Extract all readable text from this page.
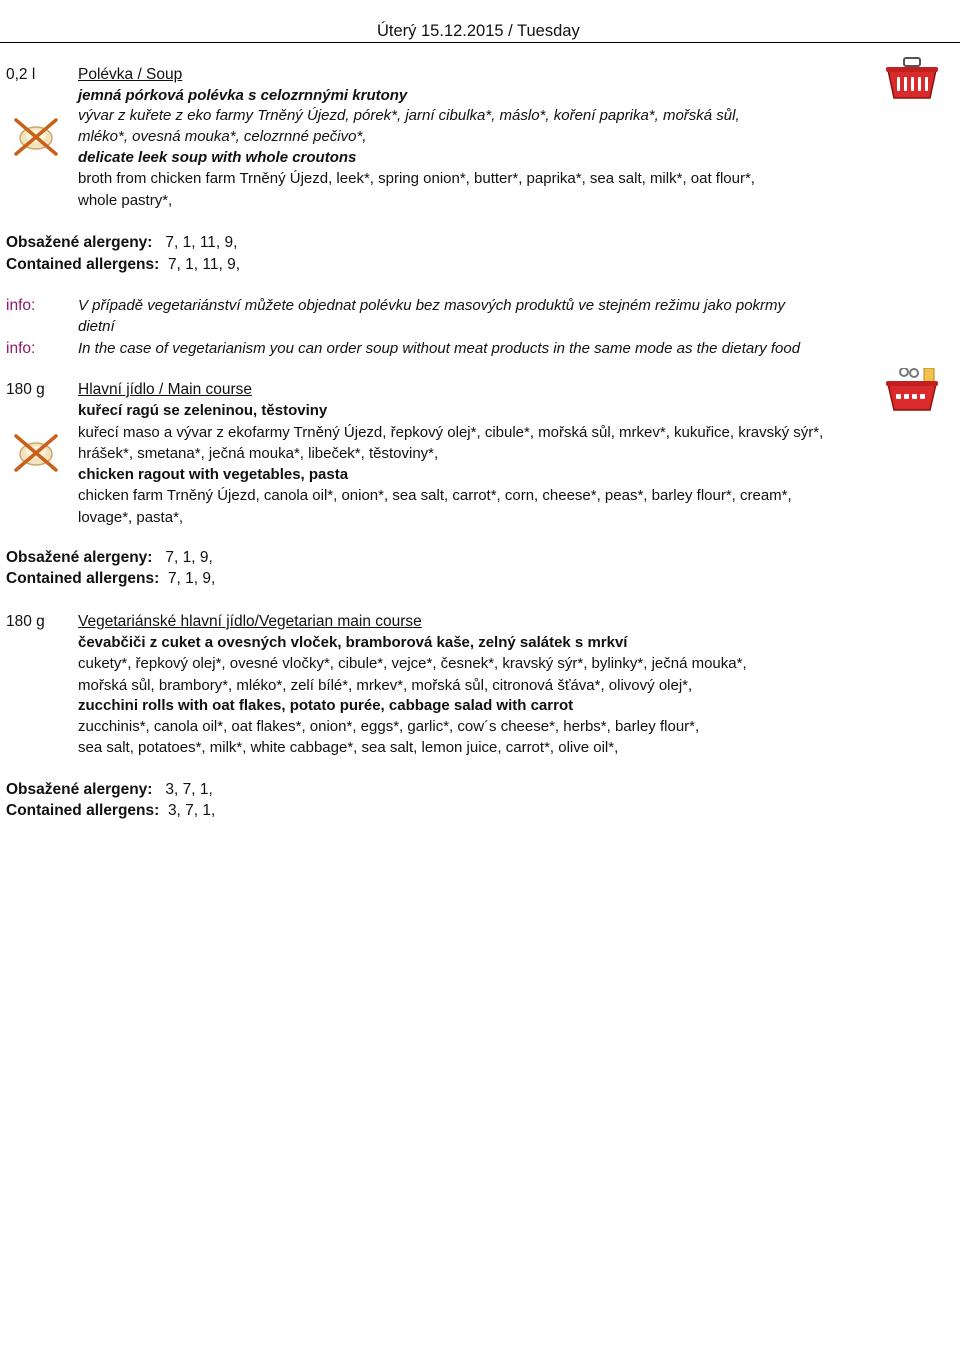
Úterý 15.12.2015 / Tuesday
0,2 l	Polévka / Soup
jemná pórková polévka s celozrnnými krutony
vývar z kuřete z eko farmy Trněný Újezd, pórek*, jarní cibulka*, máslo*, koření paprika*, mořská sůl,
mléko*, ovesná mouka*, celozrnné pečivo*,
delicate leek soup with whole croutons
broth from chicken farm Trněný Újezd, leek*, spring onion*, butter*, paprika*, sea salt, milk*, oat flour*,
whole pastry*,
Obsažené alergeny: 7, 1, 11, 9,
Contained allergens: 7, 1, 11, 9,
info:	V případě vegetariánství můžete objednat polévku bez masových produktů ve stejném režimu jako pokrmy
dietní
info:	In the case of vegetarianism you can order soup without meat products in the same mode as the dietary food
180 g Hlavní jídlo / Main course
kuřecí ragú se zeleninou, těstoviny
kuřecí maso a vývar z ekofarmy Trněný Újezd, řepkový olej*, cibule*, mořská sůl, mrkev*, kukuřice, kravský sýr*,
hrášek*, smetana*, ječná mouka*, libeček*, těstoviny*,
chicken ragout with vegetables, pasta
chicken farm Trněný Újezd, canola oil*, onion*, sea salt, carrot*, corn, cheese*, peas*, barley flour*, cream*,
lovage*, pasta*,
Obsažené alergeny: 7, 1, 9,
Contained allergens: 7, 1, 9,
180 g Vegetariánské hlavní jídlo/Vegetarian main course
čevabčiči z cuket a ovesných vloček, bramborová kaše, zelný salátek s mrkví
cukety*, řepkový olej*, ovesné vločky*, cibule*, vejce*, česnek*, kravský sýr*, bylinky*, ječná mouka*,
mořská sůl, brambory*, mléko*, zelí bílé*, mrkev*, mořská sůl, citronová šťáva*, olivový olej*,
zucchini rolls with oat flakes, potato purée, cabbage salad with carrot
zucchinis*, canola oil*, oat flakes*, onion*, eggs*, garlic*, cow´s cheese*, herbs*, barley flour*,
sea salt, potatoes*, milk*, white cabbage*, sea salt, lemon juice, carrot*, olive oil*,
Obsažené alergeny: 3, 7, 1,
Contained allergens: 3, 7, 1,
